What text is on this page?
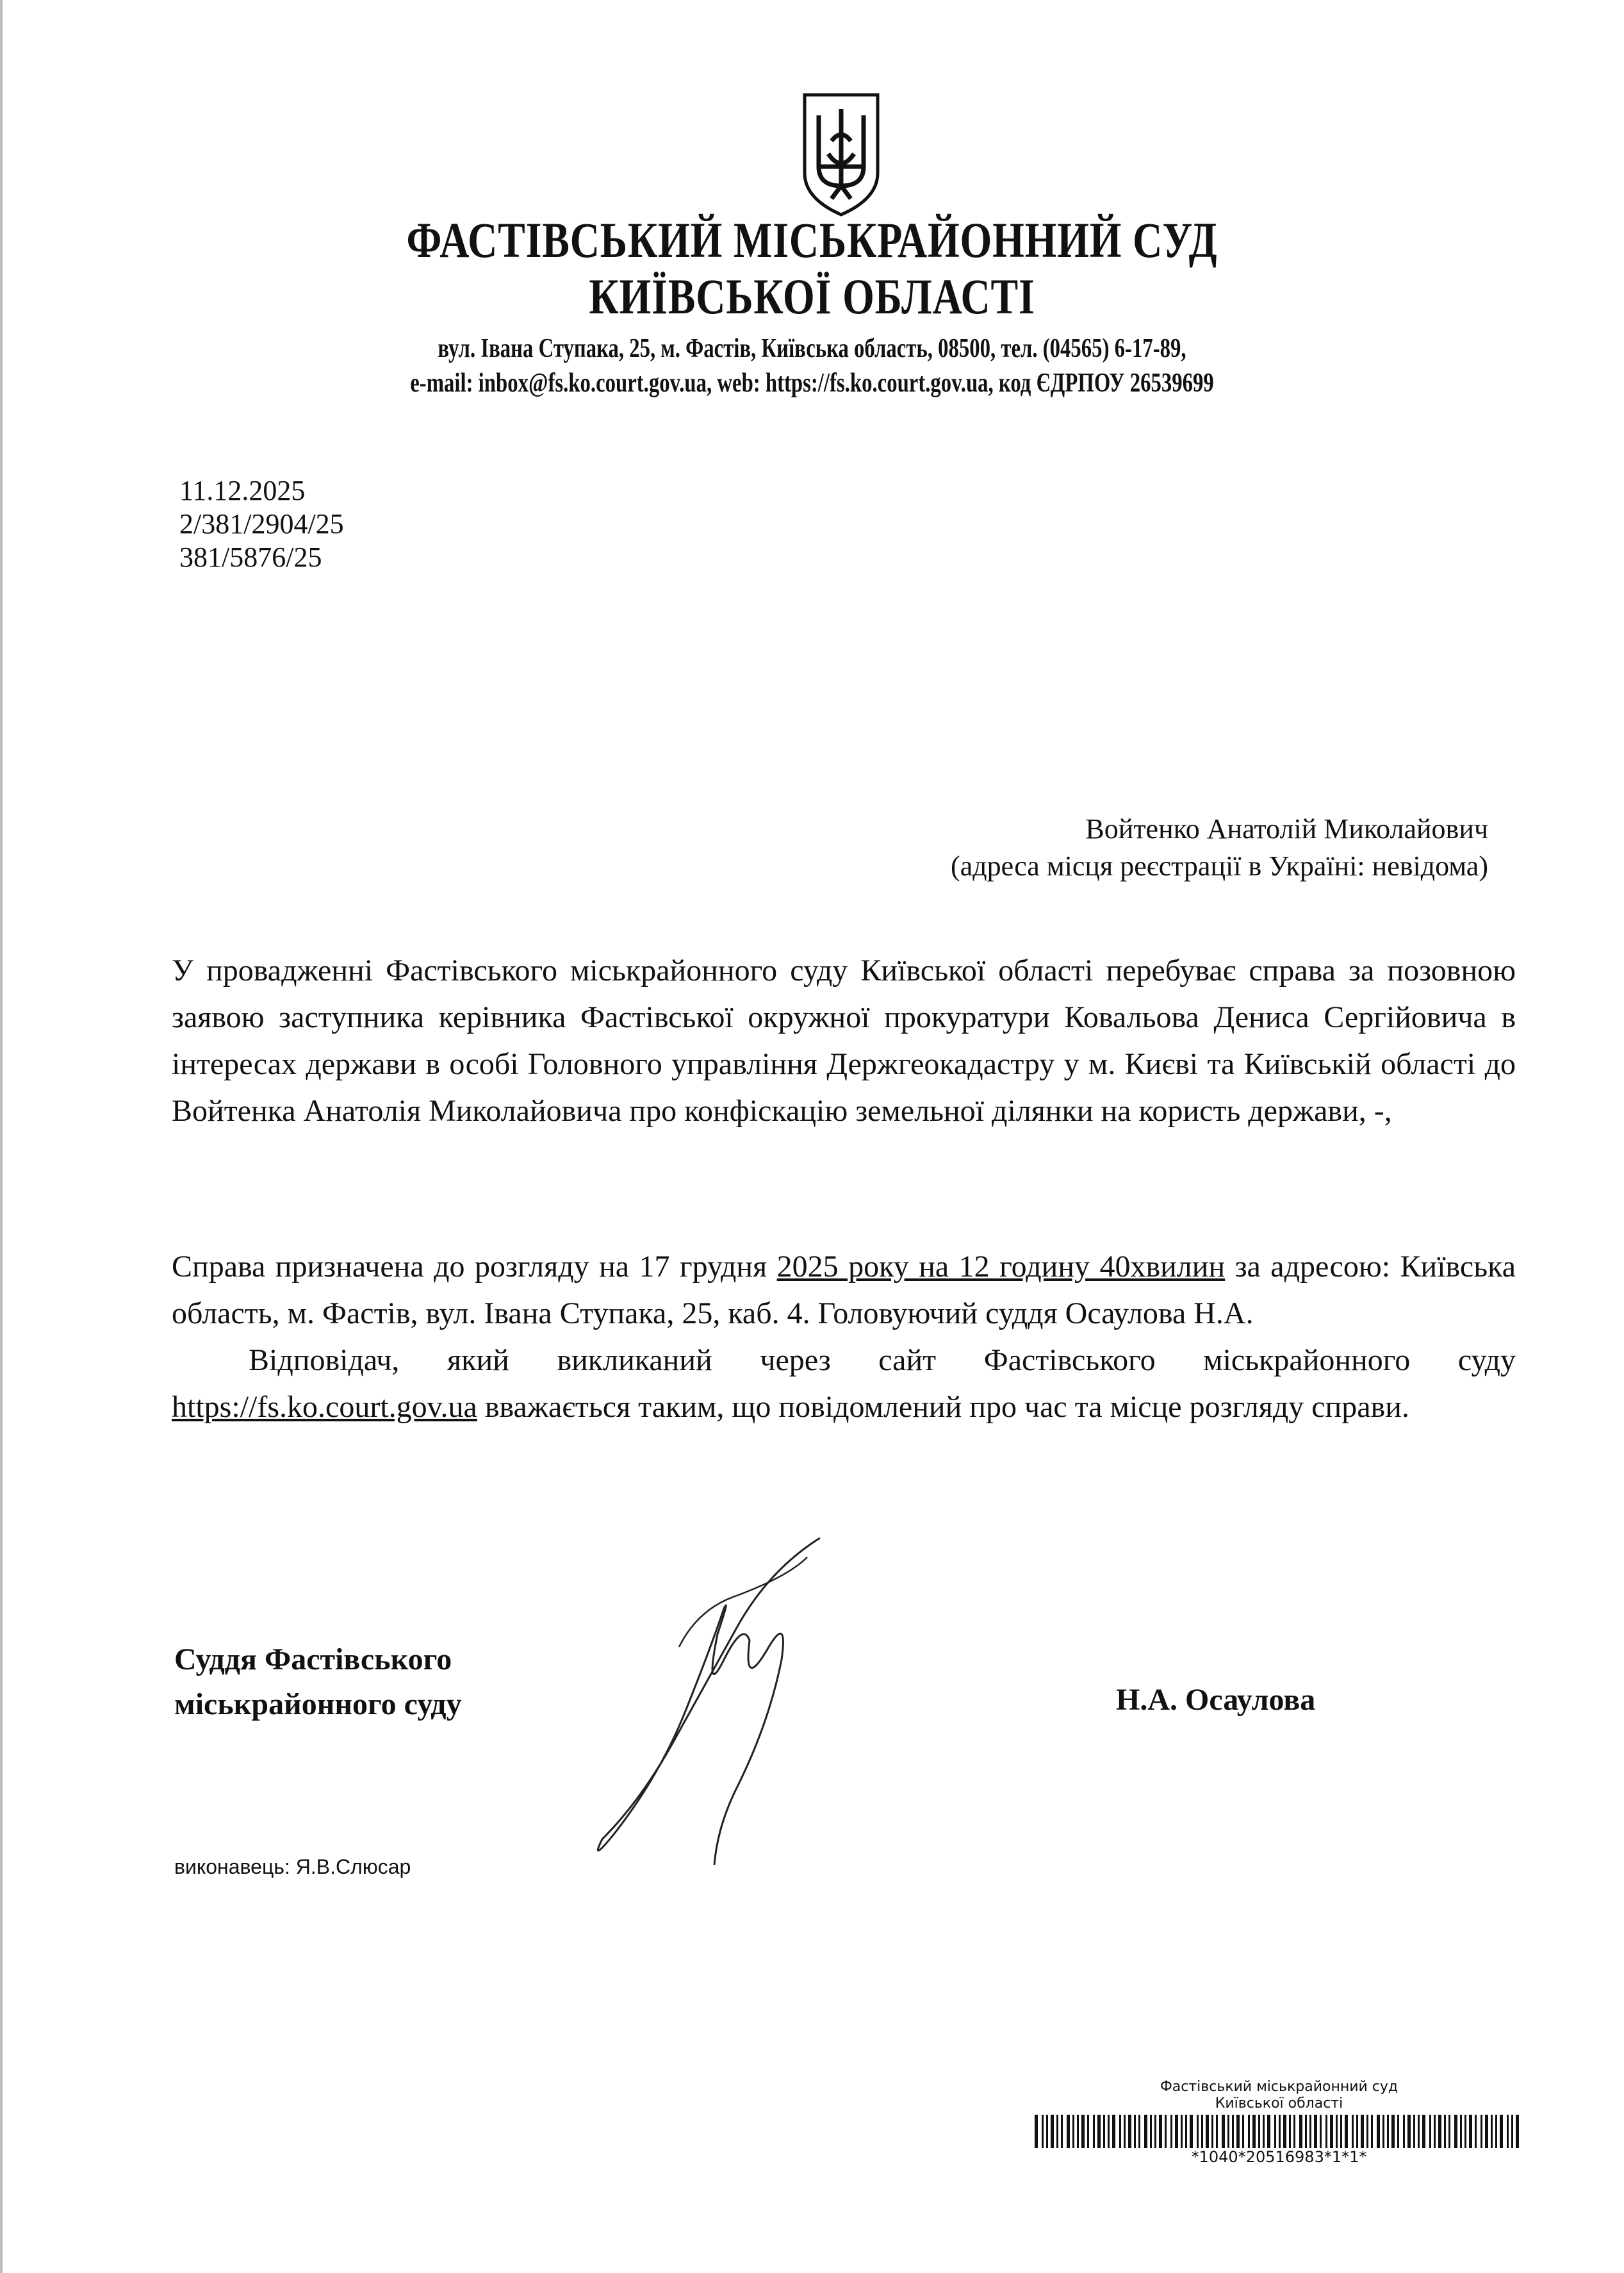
ФАСТІВСЬКИЙ МІСЬКРАЙОННИЙ СУД
КИЇВСЬКОЇ ОБЛАСТІ
вул. Івана Ступака, 25, м. Фастів, Київська область, 08500, тел. (04565) 6-17-89,
e-mail: inbox@fs.ko.court.gov.ua, web: https://fs.ko.court.gov.ua, код ЄДРПОУ 26539699
11.12.2025
2/381/2904/25
381/5876/25
Войтенко Анатолій Миколайович
(адреса місця реєстрації в Україні: невідома)

У провадженні Фастівського міськрайонного суду Київської області перебуває справа за позовною заявою заступника керівника Фастівської окружної прокуратури Ковальова Дениса Сергійовича в інтересах держави в особі Головного управління Держгеокадастру у м. Києві та Київській області до Войтенка Анатолія Миколайовича про конфіскацію земельної ділянки на користь держави, -,

Справа призначена до розгляду на 17 грудня 2025 року на 12 годину 40хвилин за адресою: Київська область, м. Фастів, вул. Івана Ступака, 25, каб. 4. Головуючий суддя Осаулова Н.А.

Відповідач, який викликаний через сайт Фастівського міськрайонного суду https://fs.ko.court.gov.ua вважається таким, що повідомлений про час та місце розгляду справи.

Суддя Фастівського
міськрайонного суду	Н.А. Осаулова
виконавець: Я.В.Слюсар
Фастівський міськрайонний суд
Київської області
*1040*20516983*1*1*
